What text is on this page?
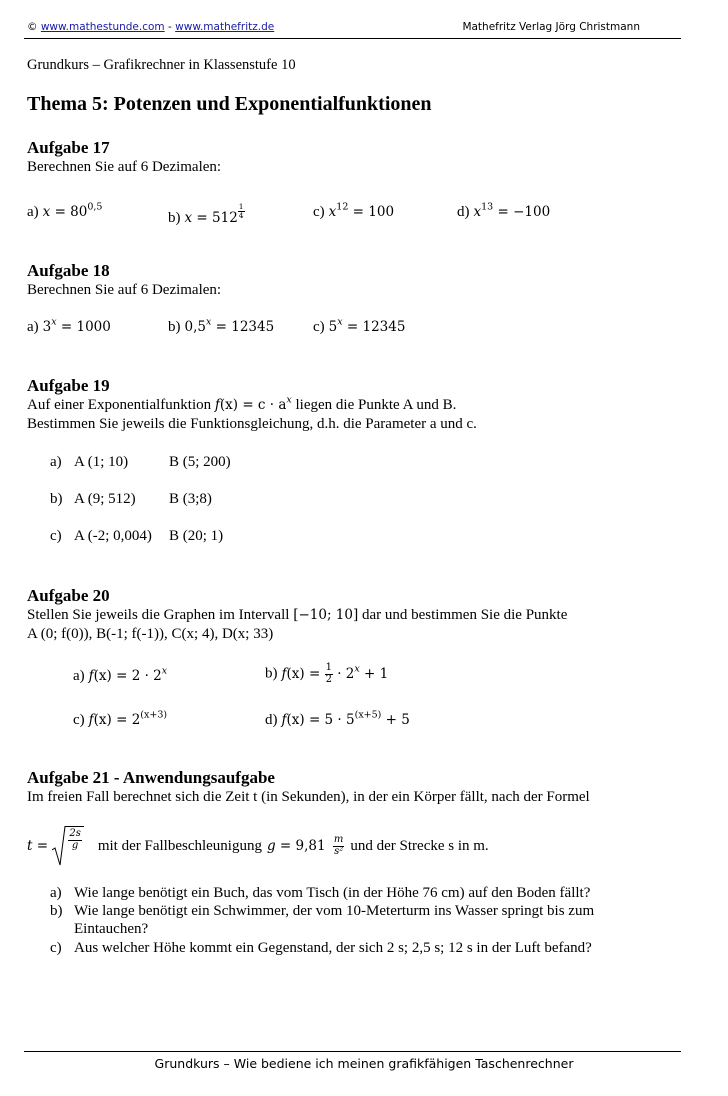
© www.mathestunde.com - www.mathefritz.de	Mathefritz Verlag Jörg Christmann
Grundkurs – Grafikrechner in Klassenstufe 10
Thema 5: Potenzen und Exponentialfunktionen
Aufgabe 17
Berechnen Sie auf 6 Dezimalen:
a) $x = 80^{0,5}$
b) $x = 512 \frac{1}{4}$	c) $x^{12} = 100$	d) $x^{13} = -100$
Aufgabe 18
Berechnen Sie auf 6 Dezimalen:
a) $3^x = 1000$	b) $0,5^x = 12345$	c) $5^x = 12345$
Aufgabe 19
Auf einer Exponentialfunktion $f(x) = c \cdot a^x$ liegen die Punkte A und B.
Bestimmen Sie jeweils die Funktionsgleichung, d.h. die Parameter a und c.
a) A (1; 10)	B (5; 200)
b) A (9; 512) B (3;8)
c) A (-2; 0,004) B (20; 1)
Aufgabe 20
Stellen Sie jeweils die Graphen im Intervall [−10; 10] dar und bestimmen Sie die Punkte
A (0; f(0)), B(-1; f(-1)), C(x; 4), D(x; 33)
a) $f(x) = 2 \cdot 2^x$	b) $f(x) = \frac{1}{2} \cdot 2^x + 1$
c) $f(x) = 2^{(x+3)}$	d) $f(x) = 5 \cdot 5^{(x+5)} + 5$
Aufgabe 21 - Anwendungsaufgabe
Im freien Fall berechnet sich die Zeit t (in Sekunden), in der ein Körper fällt, nach der Formel
$t = \frac{2s}{g}$ mit der Fallbeschleunigung $g = 9,81 \frac{m}{\text{s²}}$ und der Strecke s in m.
a) Wie lange benötigt ein Buch, das vom Tisch (in der Höhe 76 cm) auf den Boden fällt?
b) Wie lange benötigt ein Schwimmer, der vom 10-Meterturm ins Wasser springt bis zum
Eintauchen?
c) Aus welcher Höhe kommt ein Gegenstand, der sich 2 s; 2,5 s; 12 s in der Luft befand?
Grundkurs – Wie bediene ich meinen grafikfähigen Taschenrechner
